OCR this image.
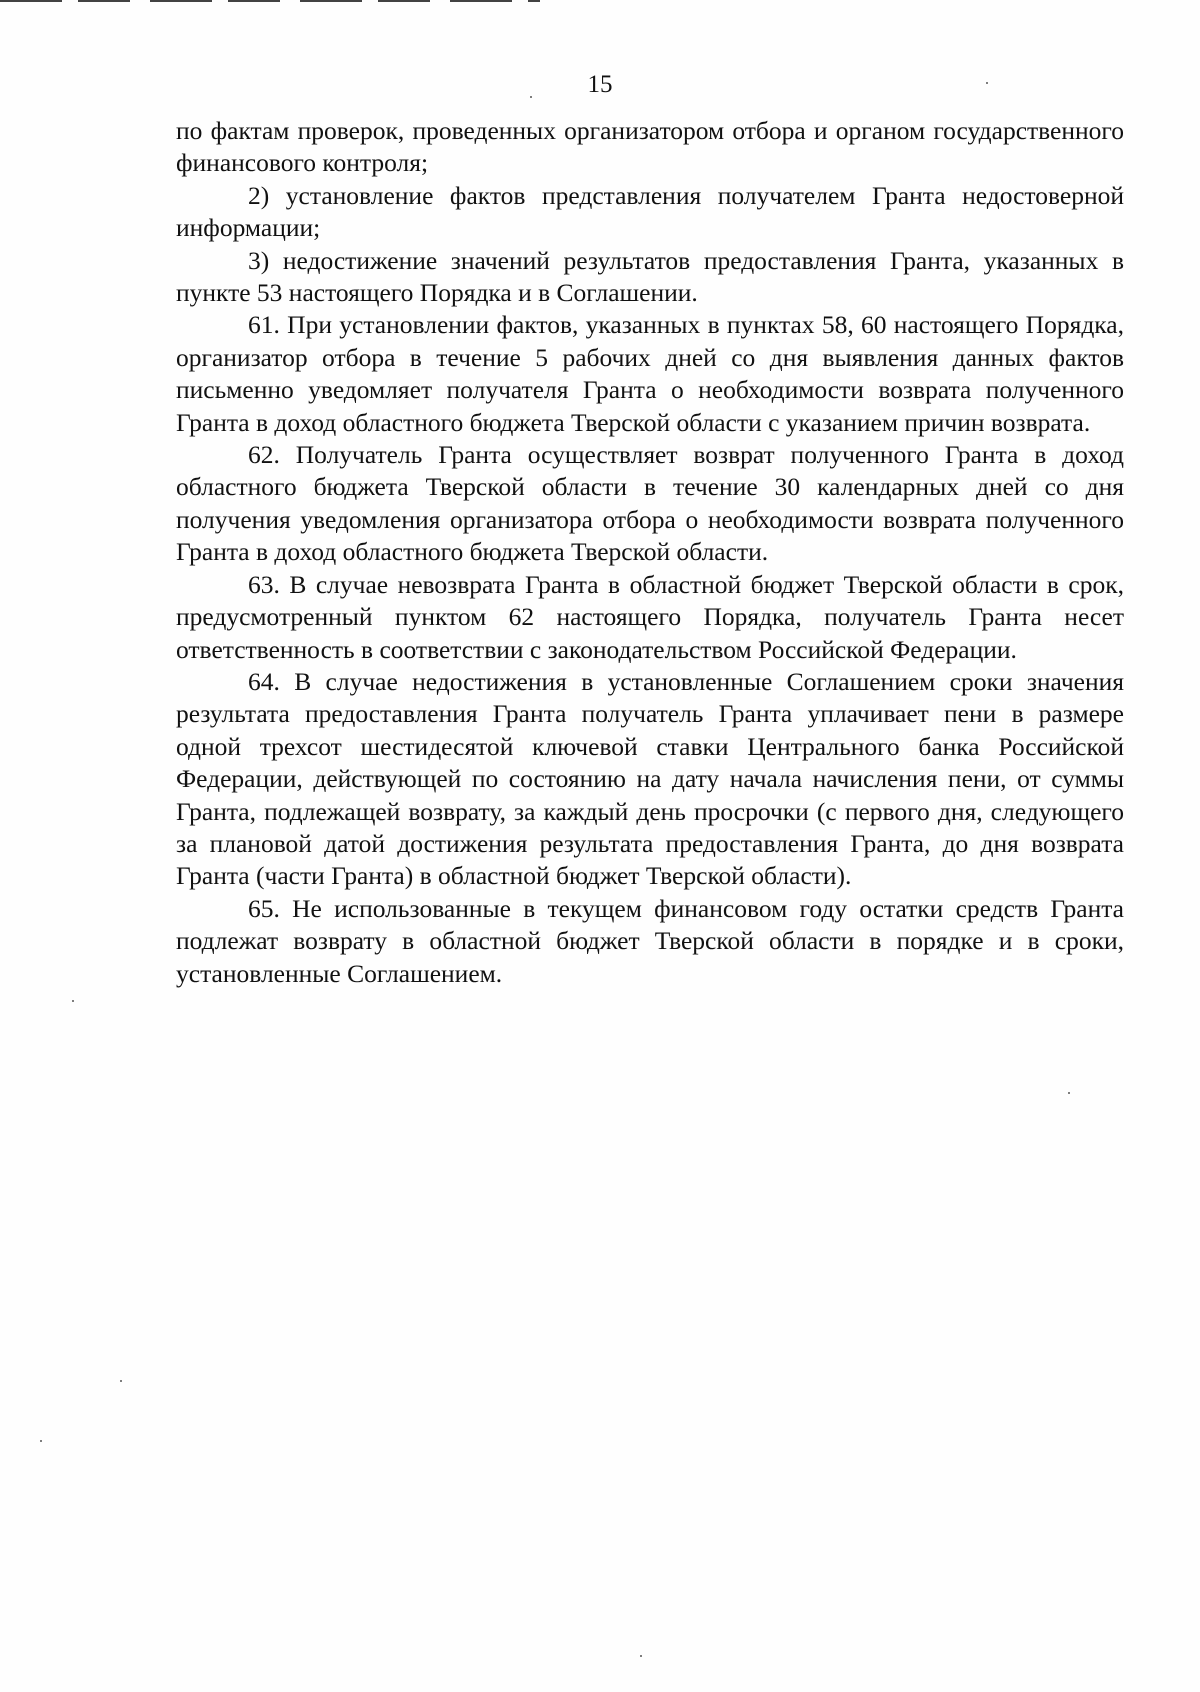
15

по фактам проверок, проведенных организатором отбора и органом государственного финансового контроля;

2) установление фактов представления получателем Гранта недостоверной информации;

3) недостижение значений результатов предоставления Гранта, указанных в пункте 53 настоящего Порядка и в Соглашении.

61. При установлении фактов, указанных в пунктах 58, 60 настоящего Порядка, организатор отбора в течение 5 рабочих дней со дня выявления данных фактов письменно уведомляет получателя Гранта о необходимости возврата полученного Гранта в доход областного бюджета Тверской области с указанием причин возврата.

62. Получатель Гранта осуществляет возврат полученного Гранта в доход областного бюджета Тверской области в течение 30 календарных дней со дня получения уведомления организатора отбора о необходимости возврата полученного Гранта в доход областного бюджета Тверской области.

63. В случае невозврата Гранта в областной бюджет Тверской области в срок, предусмотренный пунктом 62 настоящего Порядка, получатель Гранта несет ответственность в соответствии с законодательством Российской Федерации.

64. В случае недостижения в установленные Соглашением сроки значения результата предоставления Гранта получатель Гранта уплачивает пени в размере одной трехсот шестидесятой ключевой ставки Центрального банка Российской Федерации, действующей по состоянию на дату начала начисления пени, от суммы Гранта, подлежащей возврату, за каждый день просрочки (с первого дня, следующего за плановой датой достижения результата предоставления Гранта, до дня возврата Гранта (части Гранта) в областной бюджет Тверской области).

65. Не использованные в текущем финансовом году остатки средств Гранта подлежат возврату в областной бюджет Тверской области в порядке и в сроки, установленные Соглашением.
